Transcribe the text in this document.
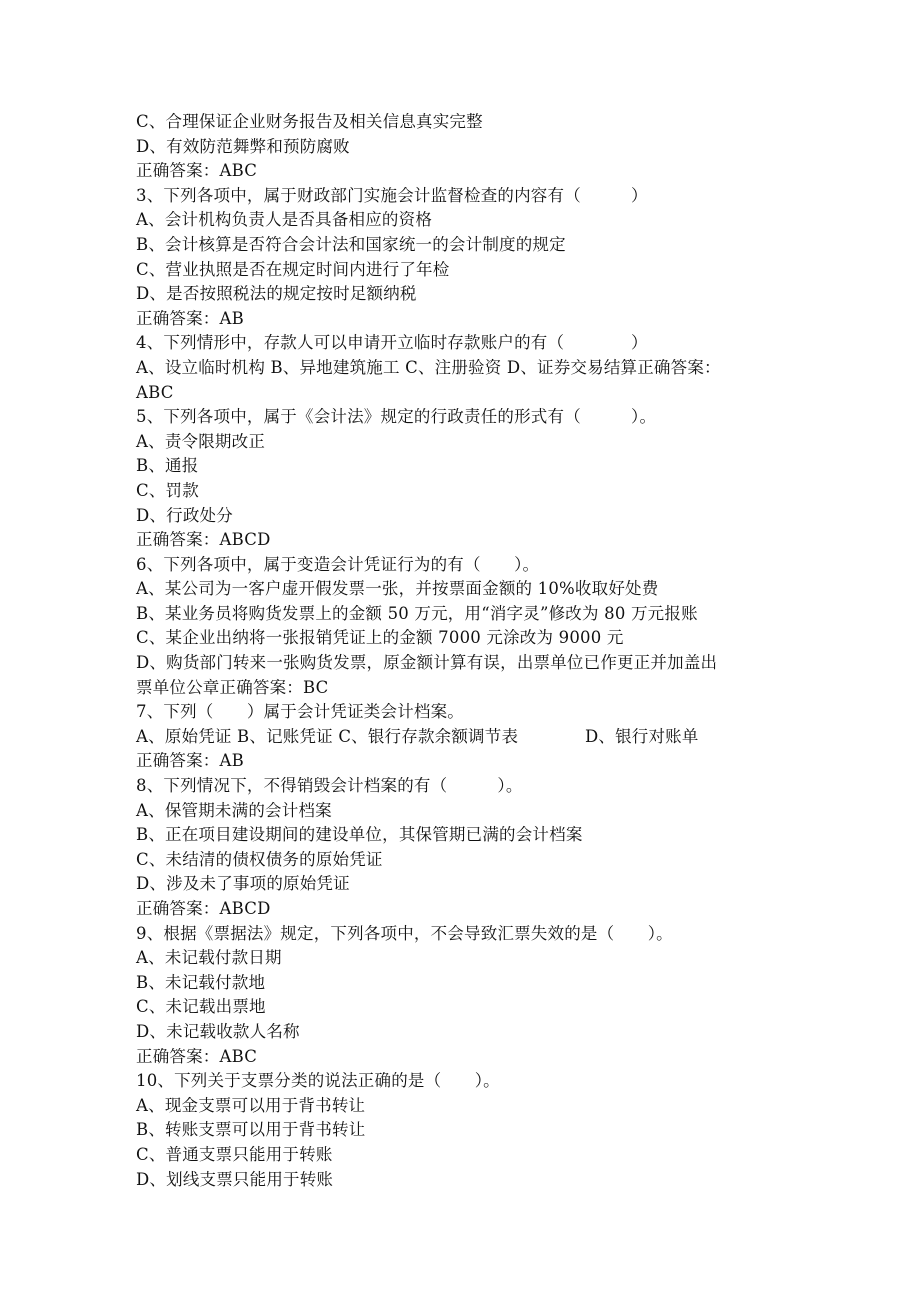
C、合理保证企业财务报告及相关信息真实完整
D、有效防范舞弊和预防腐败
正确答案：ABC
3、下列各项中，属于财政部门实施会计监督检查的内容有（　　　）
A、会计机构负责人是否具备相应的资格
B、会计核算是否符合会计法和国家统一的会计制度的规定
C、营业执照是否在规定时间内进行了年检
D、是否按照税法的规定按时足额纳税
正确答案：AB
4、下列情形中，存款人可以申请开立临时存款账户的有（　　　　）
A、设立临时机构 B、异地建筑施工 C、注册验资 D、证券交易结算正确答案：
ABC
5、下列各项中，属于《会计法》规定的行政责任的形式有（　　　）。
A、责令限期改正
B、通报
C、罚款
D、行政处分
正确答案：ABCD
6、下列各项中，属于变造会计凭证行为的有（　　）。
A、某公司为一客户虚开假发票一张，并按票面金额的 10%收取好处费
B、某业务员将购货发票上的金额 50 万元，用“消字灵”修改为 80 万元报账
C、某企业出纳将一张报销凭证上的金额 7000 元涂改为 9000 元
D、购货部门转来一张购货发票，原金额计算有误，出票单位已作更正并加盖出
票单位公章正确答案：BC
7、下列（　　）属于会计凭证类会计档案。
A、原始凭证 B、记账凭证 C、银行存款余额调节表　　　　D、银行对账单
正确答案：AB
8、下列情况下，不得销毁会计档案的有（　　　）。
A、保管期未满的会计档案
B、正在项目建设期间的建设单位，其保管期已满的会计档案
C、未结清的债权债务的原始凭证
D、涉及未了事项的原始凭证
正确答案：ABCD
9、根据《票据法》规定，下列各项中，不会导致汇票失效的是（　　）。
A、未记载付款日期
B、未记载付款地
C、未记载出票地
D、未记载收款人名称
正确答案：ABC
10、下列关于支票分类的说法正确的是（　　）。
A、现金支票可以用于背书转让
B、转账支票可以用于背书转让
C、普通支票只能用于转账
D、划线支票只能用于转账
